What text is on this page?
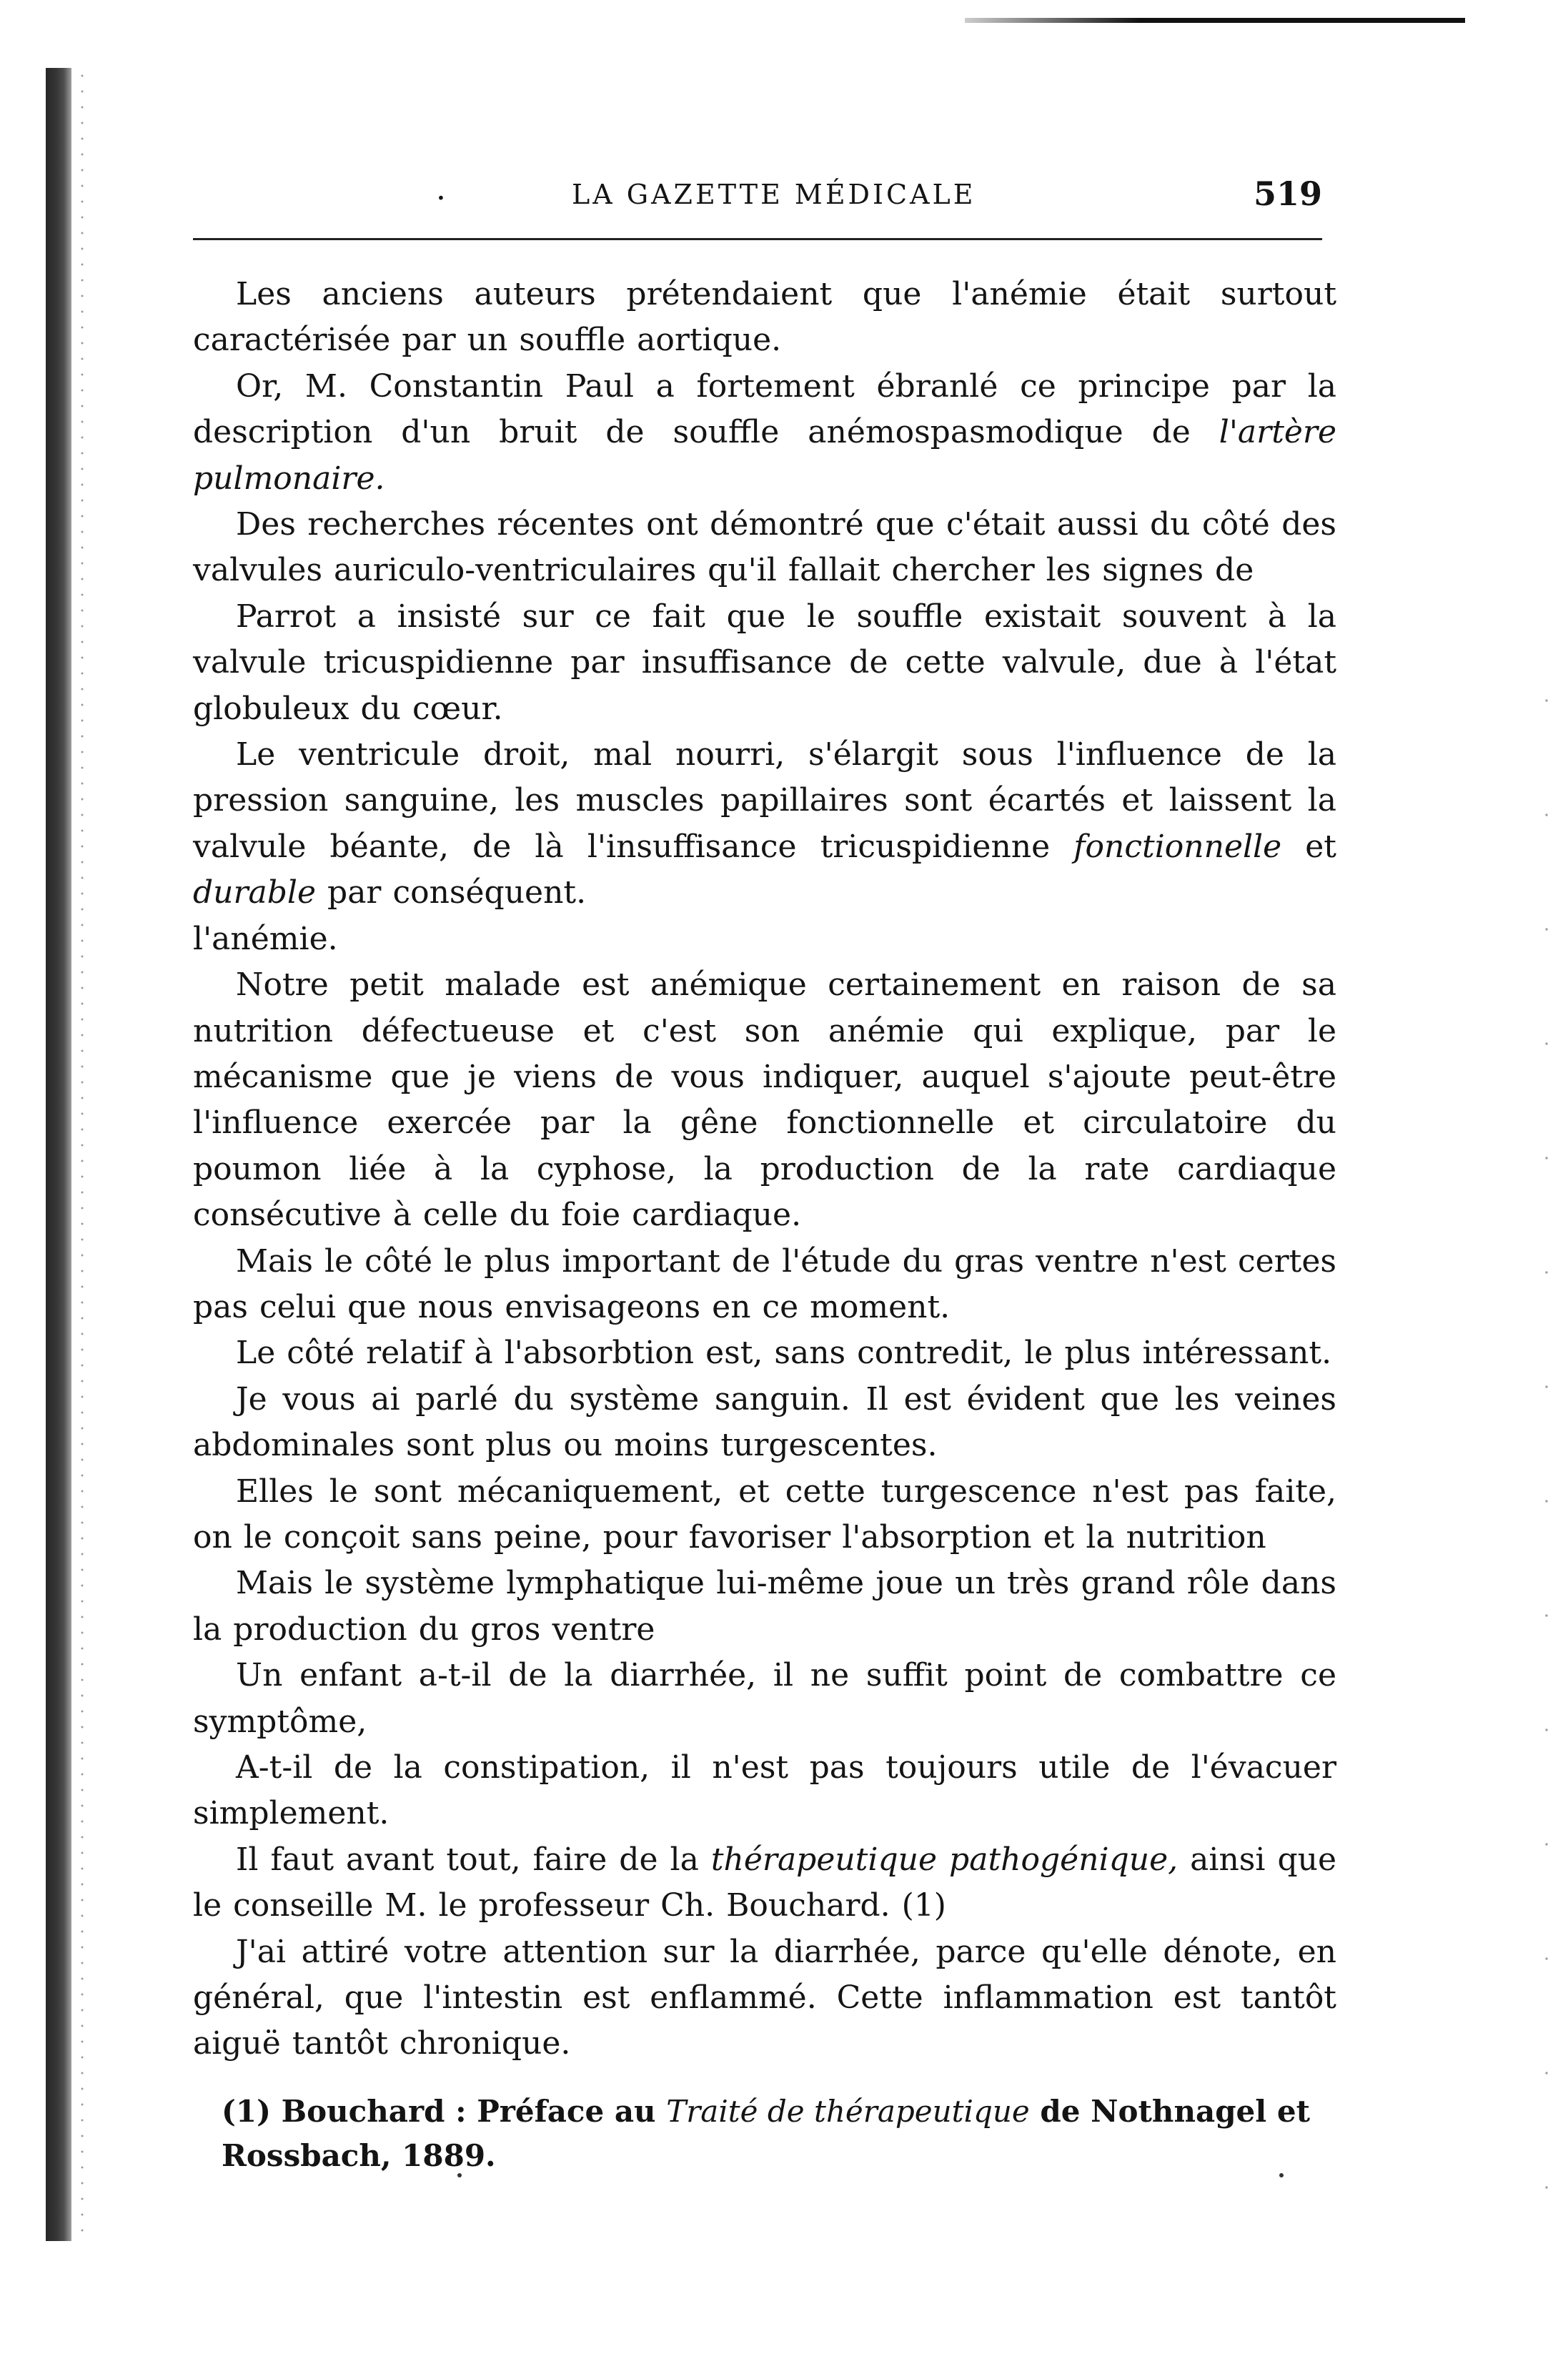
·	LA GAZETTE MÉDICALE	519

Les anciens auteurs prétendaient que l'anémie était surtout caractérisée par un souffle aortique.

Or, M. Constantin Paul a fortement ébranlé ce principe par la description d'un bruit de souffle anémospasmodique de l'artère pulmonaire.

Des recherches récentes ont démontré que c'était aussi du côté des valvules auriculo-ventriculaires qu'il fallait chercher les signes de

Parrot a insisté sur ce fait que le souffle existait souvent à la valvule tricuspidienne par insuffisance de cette valvule, due à l'état globuleux du cœur.

Le ventricule droit, mal nourri, s'élargit sous l'influence de la pression sanguine, les muscles papillaires sont écartés et laissent la valvule béante, de là l'insuffisance tricuspidienne fonctionnelle et durable par conséquent.

l'anémie.

Notre petit malade est anémique certainement en raison de sa nutrition défectueuse et c'est son anémie qui explique, par le mécanisme que je viens de vous indiquer, auquel s'ajoute peut-être l'influence exercée par la gêne fonctionnelle et circulatoire du poumon liée à la cyphose, la production de la rate cardiaque consécutive à celle du foie cardiaque.

Mais le côté le plus important de l'étude du gras ventre n'est certes pas celui que nous envisageons en ce moment.

Le côté relatif à l'absorbtion est, sans contredit, le plus intéressant.

Je vous ai parlé du système sanguin. Il est évident que les veines abdominales sont plus ou moins turgescentes.

Elles le sont mécaniquement, et cette turgescence n'est pas faite, on le conçoit sans peine, pour favoriser l'absorption et la nutrition

Mais le système lymphatique lui-même joue un très grand rôle dans la production du gros ventre

Un enfant a-t-il de la diarrhée, il ne suffit point de combattre ce symptôme,

A-t-il de la constipation, il n'est pas toujours utile de l'évacuer simplement.

Il faut avant tout, faire de la thérapeutique pathogénique, ainsi que le conseille M. le professeur Ch. Bouchard. (1)

J'ai attiré votre attention sur la diarrhée, parce qu'elle dénote, en général, que l'intestin est enflammé. Cette inflammation est tantôt aiguë tantôt chronique.

(1) Bouchard : Préface au Traité de thérapeutique de Nothnagel et Rossbach, 1889.
